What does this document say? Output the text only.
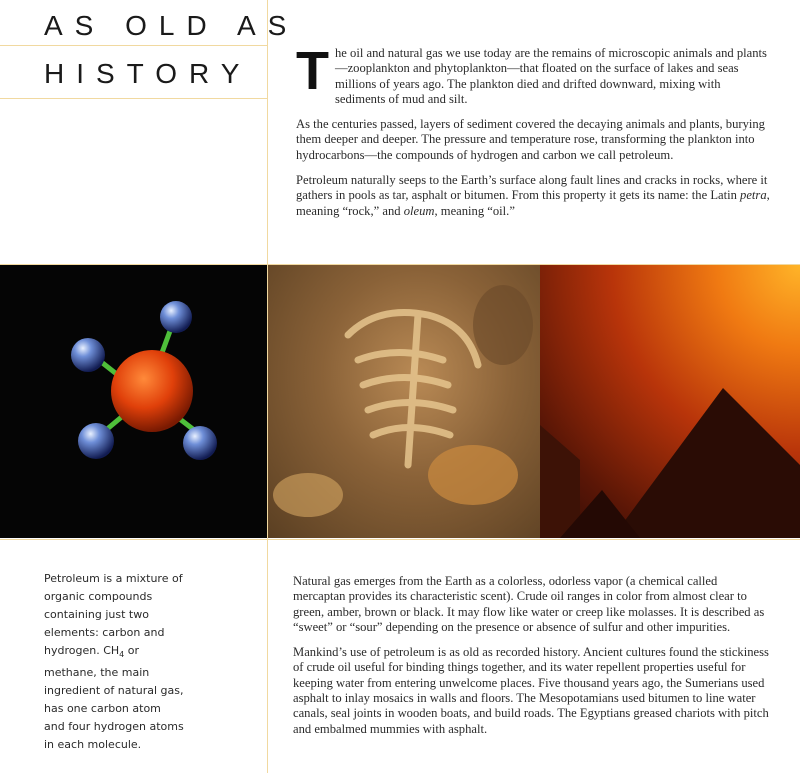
AS OLD AS
HISTORY The oil and natural gas we use today are the remains of microscopic animals and plants—zooplankton and phytoplankton—that floated on the surface of lakes and seas millions of years ago. The plankton died and drifted downward, mixing with sediments of mud and silt.

As the centuries passed, layers of sediment covered the decaying animals and plants, burying them deeper and deeper. The pressure and temperature rose, transforming the plankton into hydrocarbons—the compounds of hydrogen and carbon we call petroleum.

Petroleum naturally seeps to the Earth’s surface along fault lines and cracks in rocks, where it gathers in pools as tar, asphalt or bitumen. From this property it gets its name: the Latin petra, meaning “rock,” and oleum, meaning “oil.”

Petroleum is a mixture of organic compounds containing just two elements: carbon and hydrogen. $CH_4$ or methane, the main ingredient of natural gas, has one carbon atom and four hydrogen atoms in each molecule.

Natural gas emerges from the Earth as a colorless, odorless vapor (a chemical called mercaptan provides its characteristic scent). Crude oil ranges in color from almost clear to green, amber, brown or black. It may flow like water or creep like molasses. It is described as “sweet” or “sour” depending on the presence or absence of sulfur and other impurities.

Mankind’s use of petroleum is as old as recorded history. Ancient cultures found the stickiness of crude oil useful for binding things together, and its water repellent properties useful for keeping water from entering unwelcome places. Five thousand years ago, the Sumerians used asphalt to inlay mosaics in walls and floors. The Mesopotamians used bitumen to line water canals, seal joints in wooden boats, and build roads. The Egyptians greased chariots with pitch and embalmed mummies with asphalt.
